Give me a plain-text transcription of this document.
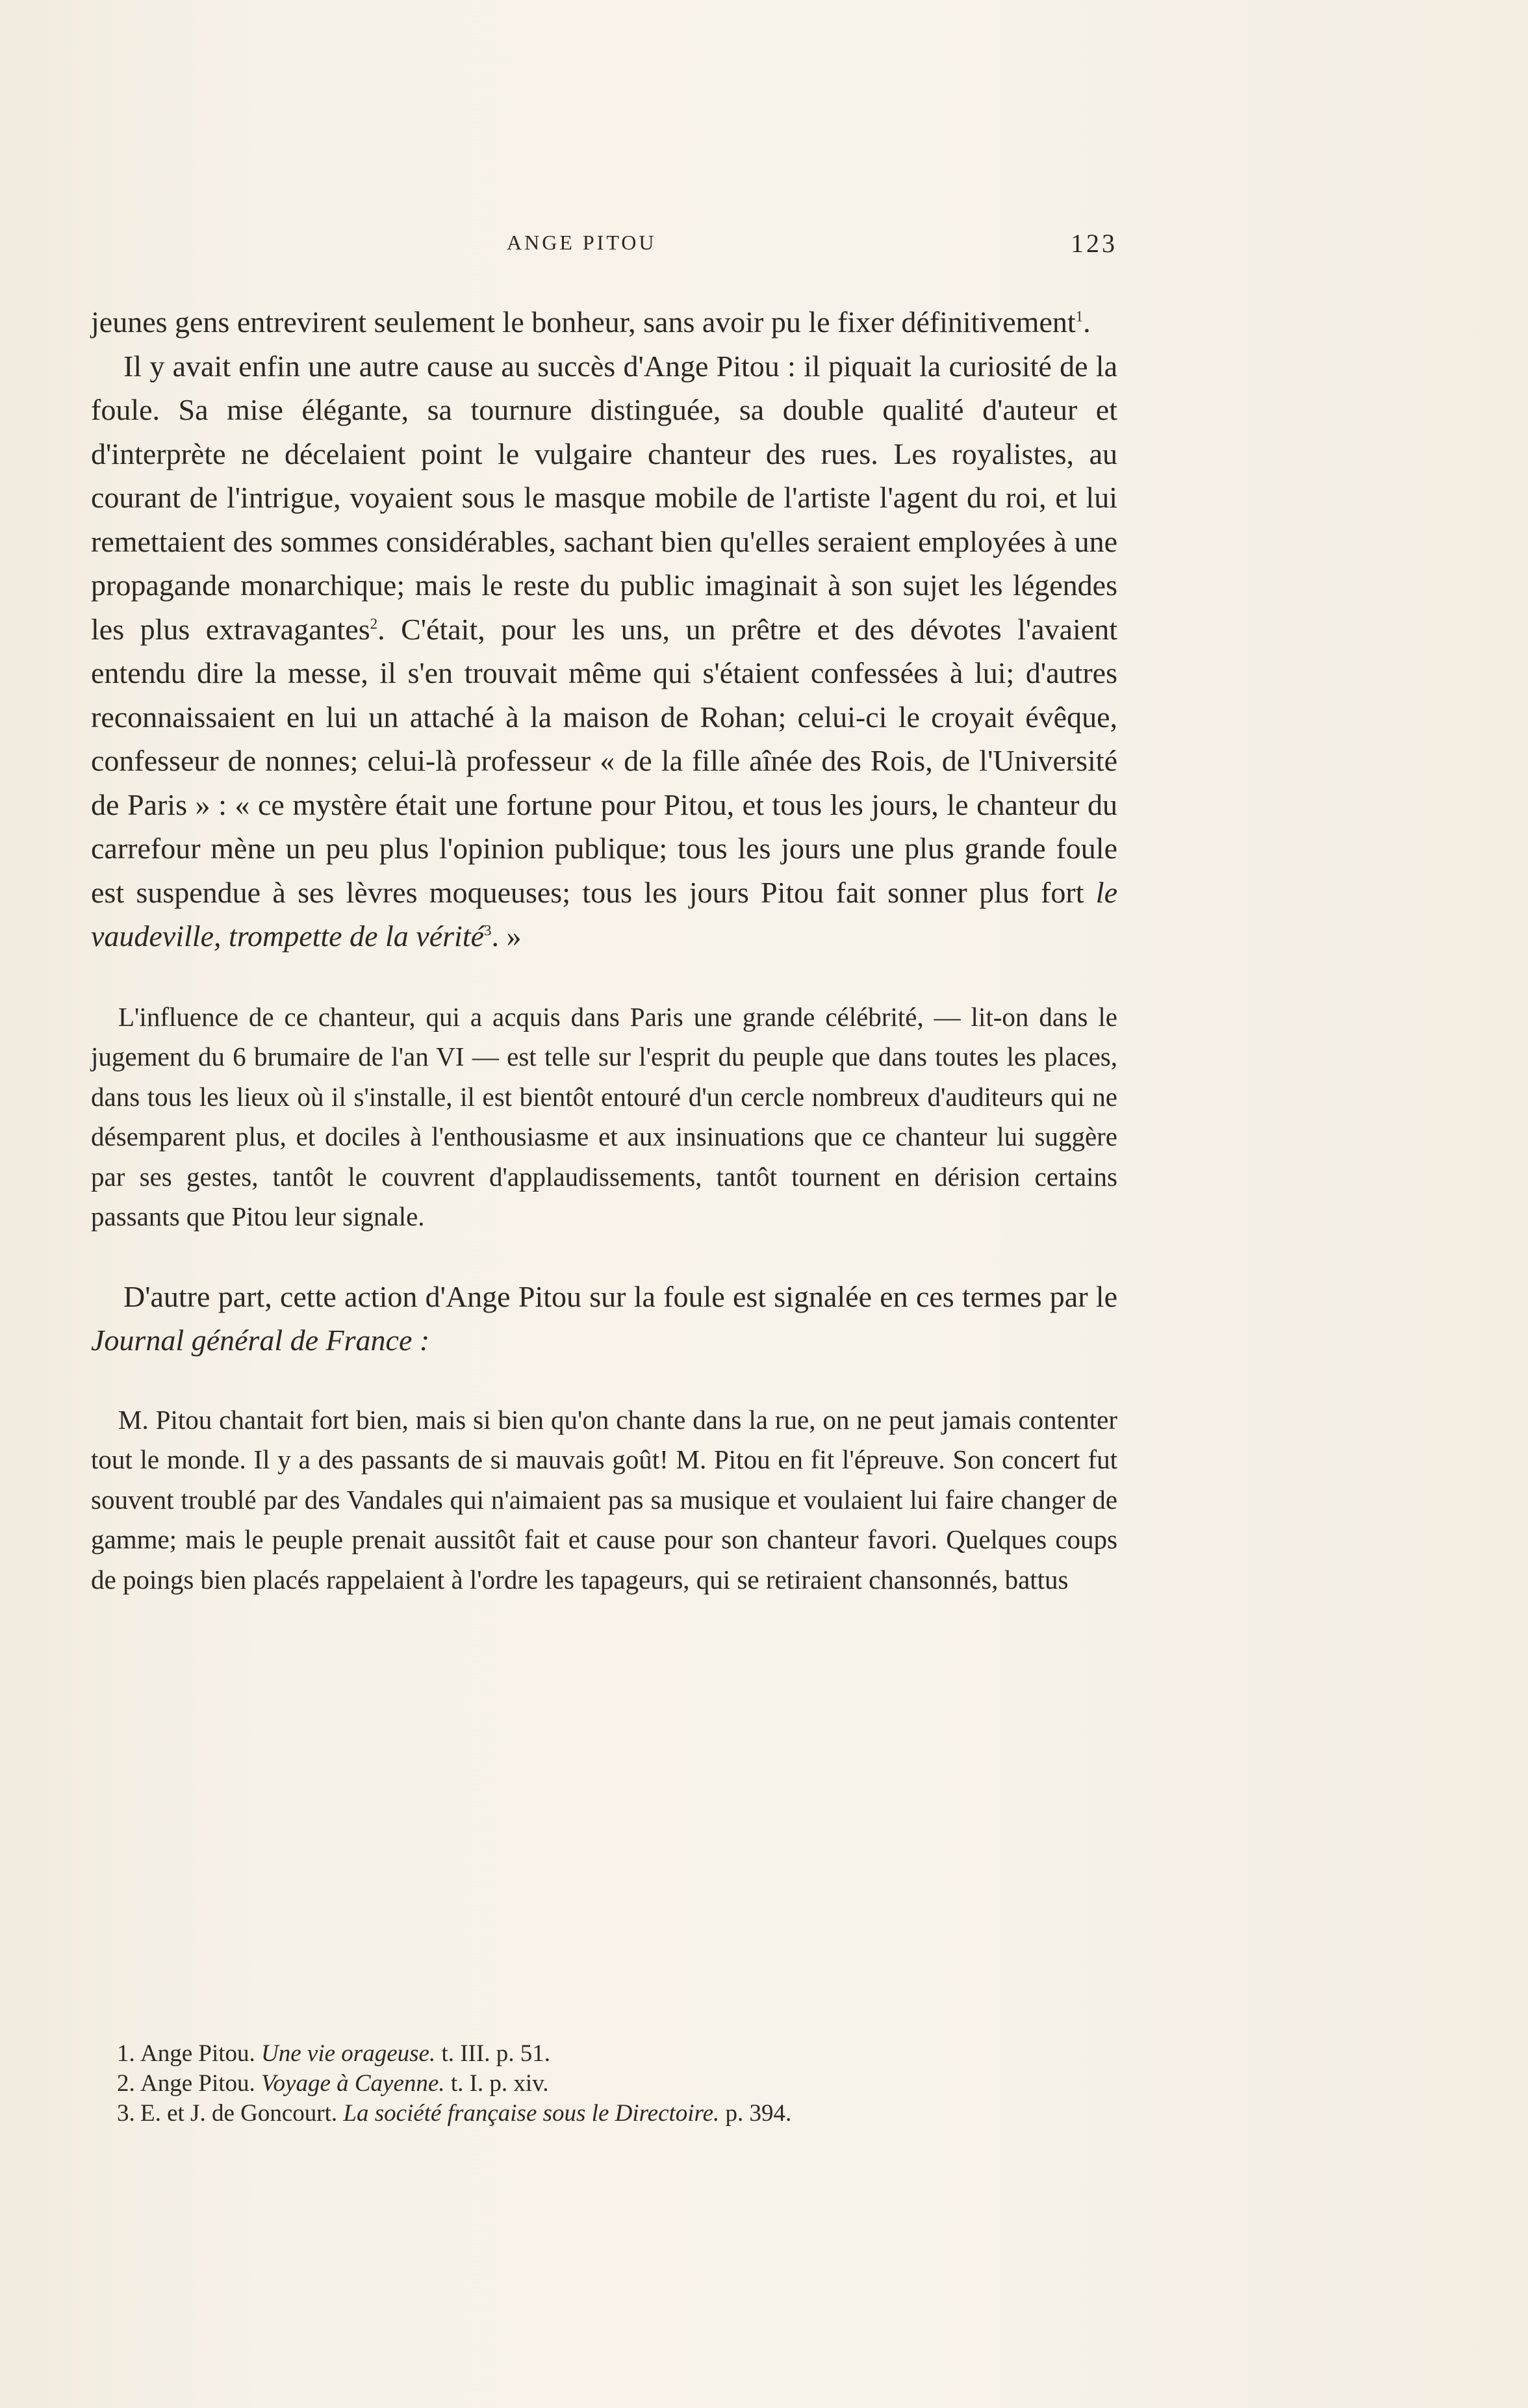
ANGE PITOU	123

jeunes gens entrevirent seulement le bonheur, sans avoir pu le fixer définitivement$^1$.

Il y avait enfin une autre cause au succès d'Ange Pitou : il piquait la curiosité de la foule. Sa mise élégante, sa tournure distinguée, sa double qualité d'auteur et d'interprète ne décelaient point le vulgaire chanteur des rues. Les royalistes, au courant de l'intrigue, voyaient sous le masque mobile de l'artiste l'agent du roi, et lui remettaient des sommes considérables, sachant bien qu'elles seraient employées à une propagande monarchique; mais le reste du public imaginait à son sujet les légendes les plus extravagantes$^2$. C'était, pour les uns, un prêtre et des dévotes l'avaient entendu dire la messe, il s'en trouvait même qui s'étaient confessées à lui; d'autres reconnaissaient en lui un attaché à la maison de Rohan; celui-ci le croyait évêque, confesseur de nonnes; celui-là professeur « de la fille aînée des Rois, de l'Université de Paris » : « ce mystère était une fortune pour Pitou, et tous les jours, le chanteur du carrefour mène un peu plus l'opinion publique; tous les jours une plus grande foule est suspendue à ses lèvres moqueuses; tous les jours Pitou fait sonner plus fort le vaudeville, trompette de la vérité$^3$. »

L'influence de ce chanteur, qui a acquis dans Paris une grande célébrité, — lit-on dans le jugement du 6 brumaire de l'an VI — est telle sur l'esprit du peuple que dans toutes les places, dans tous les lieux où il s'installe, il est bientôt entouré d'un cercle nombreux d'auditeurs qui ne désemparent plus, et dociles à l'enthousiasme et aux insinuations que ce chanteur lui suggère par ses gestes, tantôt le couvrent d'applaudissements, tantôt tournent en dérision certains passants que Pitou leur signale.

D'autre part, cette action d'Ange Pitou sur la foule est signalée en ces termes par le Journal général de France :

M. Pitou chantait fort bien, mais si bien qu'on chante dans la rue, on ne peut jamais contenter tout le monde. Il y a des passants de si mauvais goût! M. Pitou en fit l'épreuve. Son concert fut souvent troublé par des Vandales qui n'aimaient pas sa musique et voulaient lui faire changer de gamme; mais le peuple prenait aussitôt fait et cause pour son chanteur favori. Quelques coups de poings bien placés rappelaient à l'ordre les tapageurs, qui se retiraient chansonnés, battus

1. Ange Pitou. Une vie orageuse. t. III. p. 51.

2. Ange Pitou. Voyage à Cayenne. t. I. p. xiv.

3. E. et J. de Goncourt. La société française sous le Directoire. p. 394.
